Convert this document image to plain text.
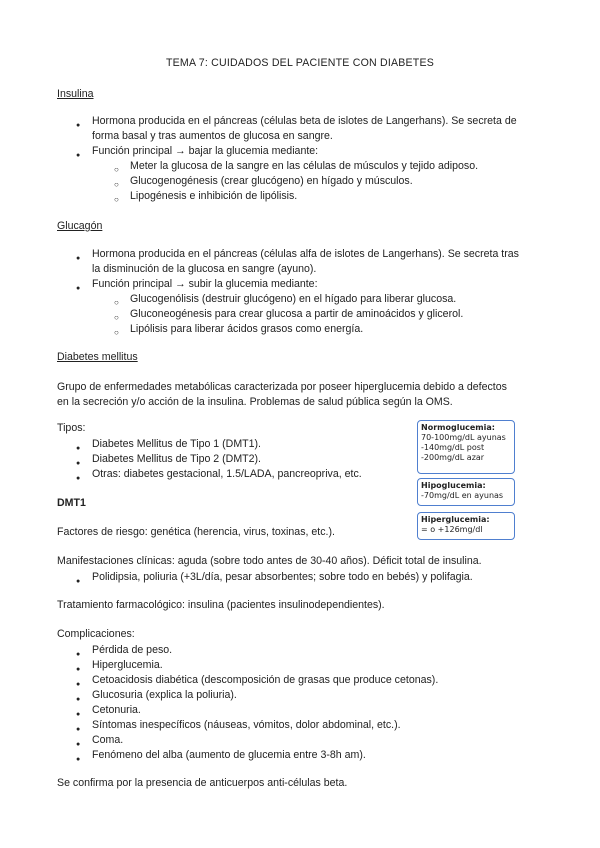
TEMA 7: CUIDADOS DEL PACIENTE CON DIABETES
Insulina
● Hormona producida en el páncreas (células beta de islotes de Langerhans). Se secreta de
forma basal y tras aumentos de glucosa en sangre.
● Función principal → bajar la glucemia mediante:
○ Meter la glucosa de la sangre en las células de músculos y tejido adiposo.
○ Glucogenogénesis (crear glucógeno) en hígado y músculos.
○ Lipogénesis e inhibición de lipólisis.
Glucagón
● Hormona producida en el páncreas (células alfa de islotes de Langerhans). Se secreta tras
la disminución de la glucosa en sangre (ayuno).
● Función principal → subir la glucemia mediante:
○ Glucogenólisis (destruir glucógeno) en el hígado para liberar glucosa.
○ Gluconeogénesis para crear glucosa a partir de aminoácidos y glicerol.
○ Lipólisis para liberar ácidos grasos como energía.
Diabetes mellitus
Grupo de enfermedades metabólicas caracterizada por poseer hiperglucemia debido a defectos
en la secreción y/o acción de la insulina. Problemas de salud pública según la OMS.
Tipos:
● Diabetes Mellitus de Tipo 1 (DMT1).
● Diabetes Mellitus de Tipo 2 (DMT2).
● Otras: diabetes gestacional, 1.5/LADA, pancreopriva, etc.
Normoglucemia:
70-100mg/dL ayunas
-140mg/dL post
-200mg/dL azar
Hipoglucemia:
-70mg/dL en ayunas
Hiperglucemia:
= o +126mg/dl
DMT1
Factores de riesgo: genética (herencia, virus, toxinas, etc.).
Manifestaciones clínicas: aguda (sobre todo antes de 30-40 años). Déficit total de insulina.
● Polidipsia, poliuria (+3L/día, pesar absorbentes; sobre todo en bebés) y polifagia.
Tratamiento farmacológico: insulina (pacientes insulinodependientes).
Complicaciones:
● Pérdida de peso.
● Hiperglucemia.
● Cetoacidosis diabética (descomposición de grasas que produce cetonas).
● Glucosuria (explica la poliuria).
● Cetonuria.
● Síntomas inespecíficos (náuseas, vómitos, dolor abdominal, etc.).
● Coma.
● Fenómeno del alba (aumento de glucemia entre 3-8h am).
Se confirma por la presencia de anticuerpos anti-células beta.
